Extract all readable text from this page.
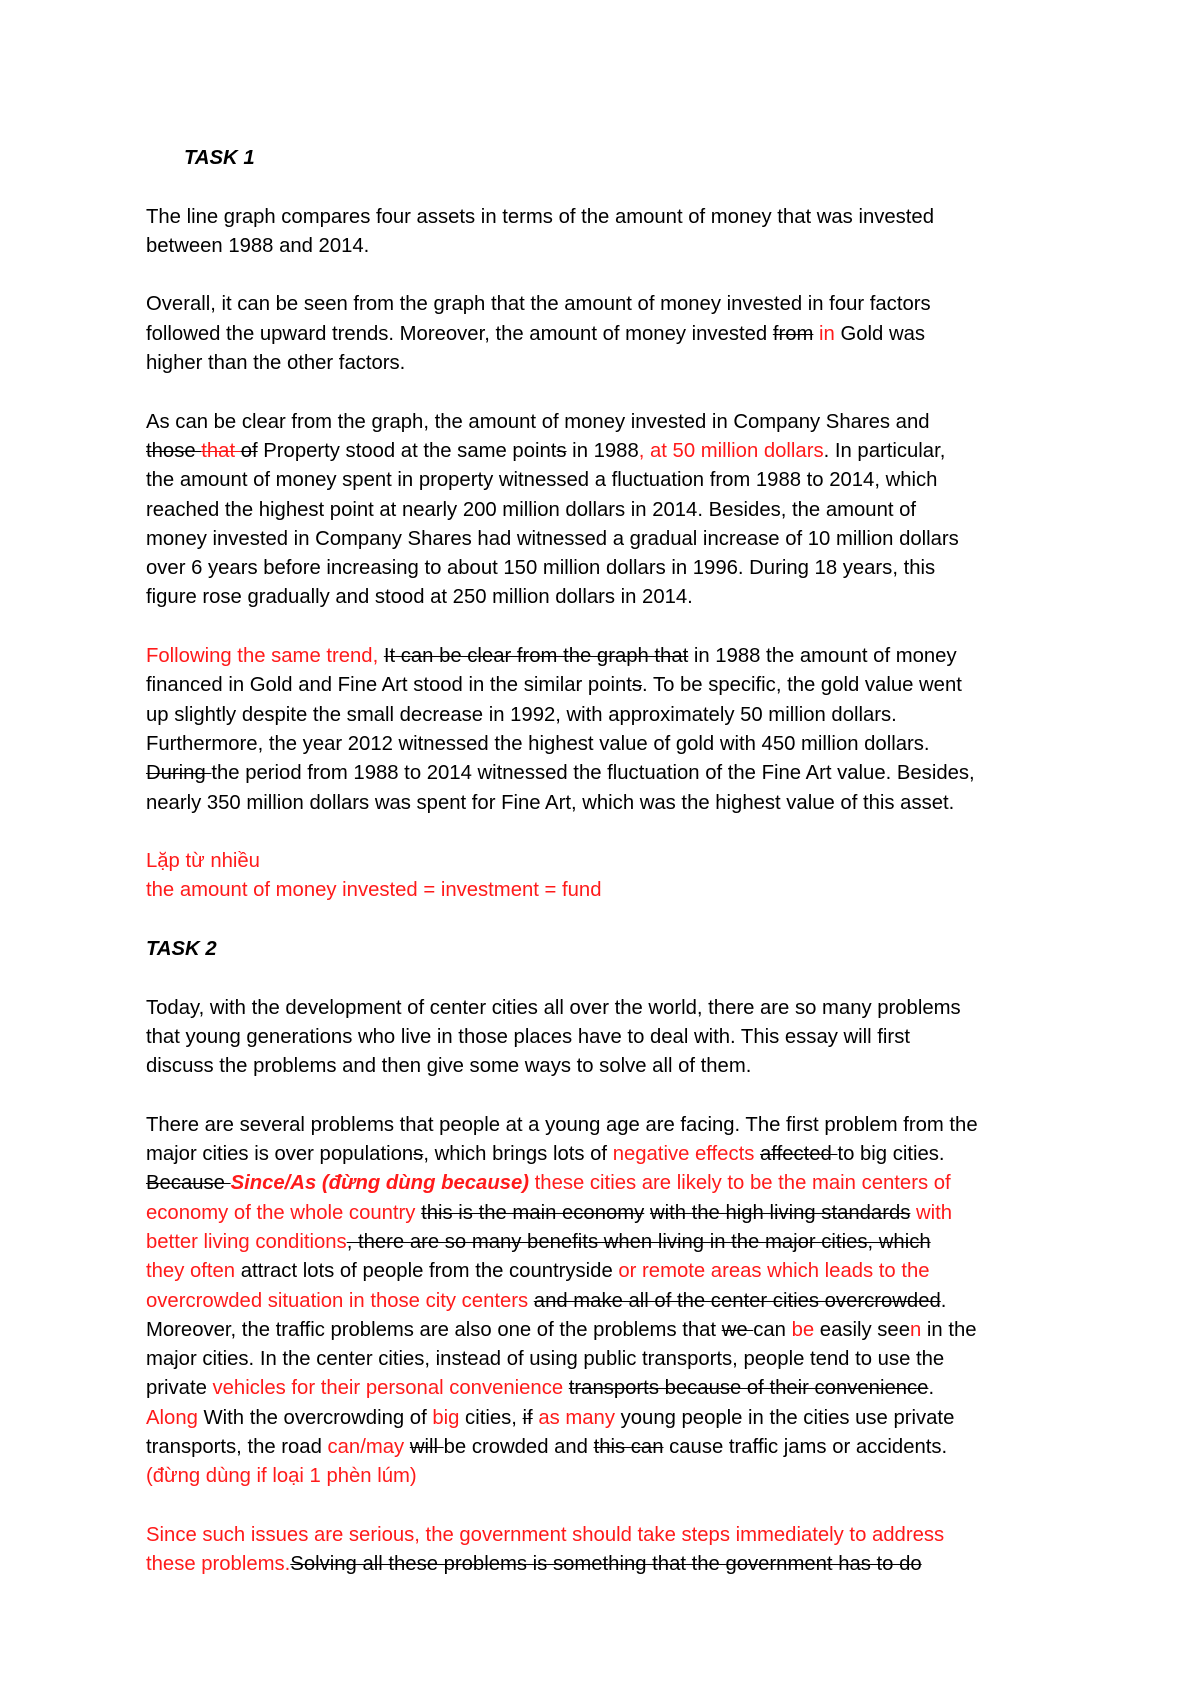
TASK 1
The line graph compares four assets in terms of the amount of money that was invested
between 1988 and 2014.
Overall, it can be seen from the graph that the amount of money invested in four factors
followed the upward trends. Moreover, the amount of money invested from in Gold was
higher than the other factors.
As can be clear from the graph, the amount of money invested in Company Shares and
those that of Property stood at the same points in 1988, at 50 million dollars. In particular,
the amount of money spent in property witnessed a fluctuation from 1988 to 2014, which
reached the highest point at nearly 200 million dollars in 2014. Besides, the amount of
money invested in Company Shares had witnessed a gradual increase of 10 million dollars
over 6 years before increasing to about 150 million dollars in 1996. During 18 years, this
figure rose gradually and stood at 250 million dollars in 2014.
Following the same trend, It can be clear from the graph that in 1988 the amount of money
financed in Gold and Fine Art stood in the similar points. To be specific, the gold value went
up slightly despite the small decrease in 1992, with approximately 50 million dollars.
Furthermore, the year 2012 witnessed the highest value of gold with 450 million dollars.
During the period from 1988 to 2014 witnessed the fluctuation of the Fine Art value. Besides,
nearly 350 million dollars was spent for Fine Art, which was the highest value of this asset.
Lặp từ nhiều
the amount of money invested = investment = fund
TASK 2
Today, with the development of center cities all over the world, there are so many problems
that young generations who live in those places have to deal with. This essay will first
discuss the problems and then give some ways to solve all of them.
There are several problems that people at a young age are facing. The first problem from the
major cities is over populations, which brings lots of negative effects affected to big cities.
Because Since/As (đừng dùng because) these cities are likely to be the main centers of
economy of the whole country this is the main economy with the high living standards with
better living conditions, there are so many benefits when living in the major cities, which
they often attract lots of people from the countryside or remote areas which leads to the
overcrowded situation in those city centers and make all of the center cities overcrowded.
Moreover, the traffic problems are also one of the problems that we can be easily seen in the
major cities. In the center cities, instead of using public transports, people tend to use the
private vehicles for their personal convenience transports because of their convenience.
Along With the overcrowding of big cities, if as many young people in the cities use private
transports, the road can/may will be crowded and this can cause traffic jams or accidents.
(đừng dùng if loại 1 phèn lúm)
Since such issues are serious, the government should take steps immediately to address
these problems.Solving all these problems is something that the government has to do
